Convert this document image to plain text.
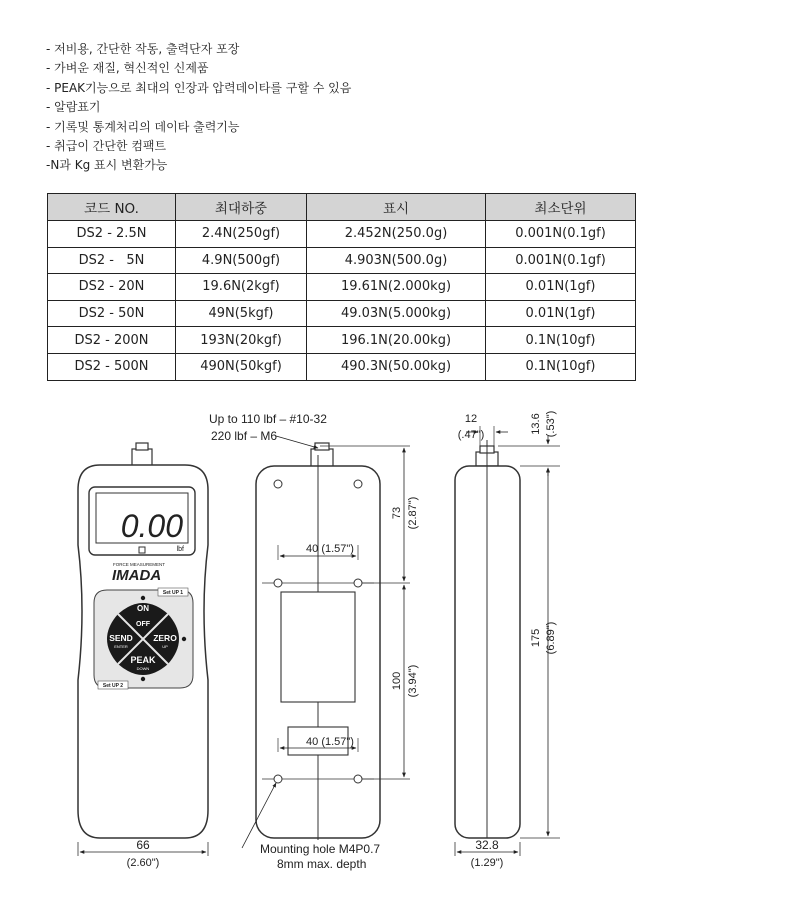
- 저비용, 간단한 작동, 출력단자 포장
- 가벼운 재질, 혁신적인 신제품
- PEAK기능으로 최대의 인장과 압력데이타를 구할 수 있음
- 알람표기
- 기록및 통계처리의 데이타 출력기능
- 취급이 간단한 컴팩트
-N과 Kg 표시 변환가능
코드 NO.	최대하중	표시	최소단위
DS2 - 2.5N	2.4N(250gf)	2.452N(250.0g)	0.001N(0.1gf)
DS2 -   5N	4.9N(500gf)	4.903N(500.0g)	0.001N(0.1gf)
DS2 - 20N	19.6N(2kgf)	19.61N(2.000kg)	0.01N(1gf)
DS2 - 50N	49N(5kgf)	49.03N(5.000kg)	0.01N(1gf)
DS2 - 200N	193N(20kgf)	196.1N(20.00kg)	0.1N(10gf)
DS2 - 500N	490N(50kgf)	490.3N(50.00kg)	0.1N(10gf)
0.00
lbf
FORCE MEASUREMENT
IMADA
Set UP 1
Set UP 2
ON
OFF
SEND
ENTER
ZERO
UP
PEAK
DOWN
66
(2.60")
Up to 110 lbf – #10-32
220 lbf – M6
40 (1.57")
40 (1.57")
73 (2.87")
100 (3.94")
Mounting hole M4P0.7
8mm max. depth
12
(.47")
13.6 (.53")
175 (6.89")
32.8
(1.29")
